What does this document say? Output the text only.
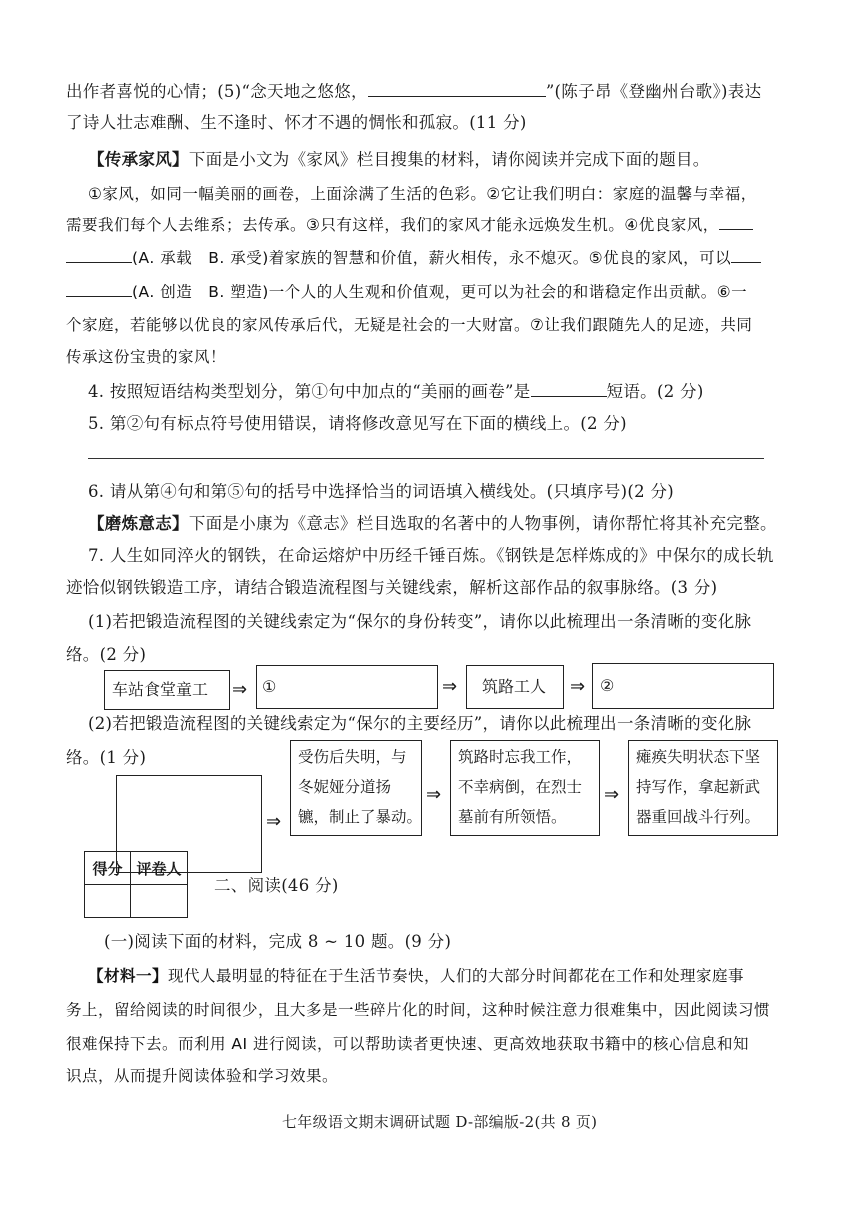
出作者喜悦的心情；(5)“念天地之悠悠，	”(陈子昂《登幽州台歌》)表达
了诗人壮志难酬、生不逢时、怀才不遇的惆怅和孤寂。(11 分)
【传承家风】下面是小文为《家风》栏目搜集的材料，请你阅读并完成下面的题目。
①家风，如同一幅美丽的画卷，上面涂满了生活的色彩。②它让我们明白：家庭的温馨与幸福，
需要我们每个人去维系；去传承。③只有这样，我们的家风才能永远焕发生机。④优良家风，
(A. 承载　B. 承受)着家族的智慧和价值，薪火相传，永不熄灭。⑤优良的家风，可以
(A. 创造　B. 塑造)一个人的人生观和价值观，更可以为社会的和谐稳定作出贡献。⑥一
个家庭，若能够以优良的家风传承后代，无疑是社会的一大财富。⑦让我们跟随先人的足迹，共同
传承这份宝贵的家风！
4. 按照短语结构类型划分，第①句中加点的“美丽的画卷”是	短语。(2 分)
5. 第②句有标点符号使用错误，请将修改意见写在下面的横线上。(2 分)
6. 请从第④句和第⑤句的括号中选择恰当的词语填入横线处。(只填序号)(2 分)
【磨炼意志】下面是小康为《意志》栏目选取的名著中的人物事例，请你帮忙将其补充完整。
7. 人生如同淬火的钢铁，在命运熔炉中历经千锤百炼。《钢铁是怎样炼成的》中保尔的成长轨
迹恰似钢铁锻造工序，请结合锻造流程图与关键线索，解析这部作品的叙事脉络。(3 分)
(1)若把锻造流程图的关键线索定为“保尔的身份转变”，请你以此梳理出一条清晰的变化脉
络。(2 分)
车站食堂童工 ⇒ ①	⇒ 筑路工人 ⇒ ②
(2)若把锻造流程图的关键线索定为“保尔的主要经历”，请你以此梳理出一条清晰的变化脉
络。(1 分)
⇒
受伤后失明，与
冬妮娅分道扬
镳，制止了暴动。
⇒
筑路时忘我工作，
不幸病倒，在烈士
墓前有所领悟。
⇒
瘫痪失明状态下坚
持写作，拿起新武
器重回战斗行列。
得分	评卷人

二、阅读(46 分)
(一)阅读下面的材料，完成 8 ~ 10 题。(9 分)
【材料一】现代人最明显的特征在于生活节奏快，人们的大部分时间都花在工作和处理家庭事
务上，留给阅读的时间很少，且大多是一些碎片化的时间，这种时候注意力很难集中，因此阅读习惯
很难保持下去。而利用 AI 进行阅读，可以帮助读者更快速、更高效地获取书籍中的核心信息和知
识点，从而提升阅读体验和学习效果。
七年级语文期末调研试题 D-部编版-2(共 8 页)
